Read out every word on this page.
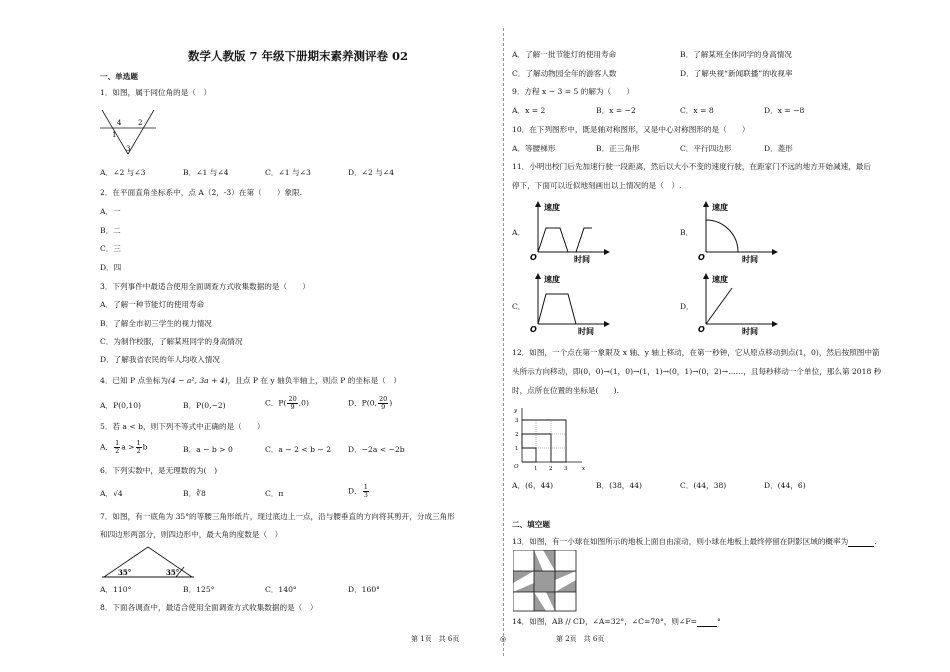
数学人教版 7 年级下册期末素养测评卷 02
一、单选题
1．如图，属于同位角的是（　）
4 2
1
3
A．∠2 与∠3	B．∠1 与∠4	C．∠1 与∠3	D．∠2 与∠4
2．在平面直角坐标系中，点 A（2，-3）在第（　　）象限.
A．一
B．二
C．三
D．四
3．下列事件中最适合使用全面调查方式收集数据的是（　　）
A．了解一种节能灯的使用寿命
B．了解全市初三学生的视力情况
C．为制作校服，了解某班同学的身高情况
D．了解我省农民的年人均收入情况
4．已知 P 点坐标为(4 − a², 3a + 4)，且点 P 在 y 轴负半轴上，则点 P 的坐标是（　）
A．P(0,10)	B．P(0,−2)	C．$P( \frac{20}{9} ,0)$	D．P(0, $\frac{20}{9}$ )
5．若 a < b，则下列不等式中正确的是（　　）
A． $\frac{1}{2}$ $a > \frac{1}{2}$ b	B．a − b > 0	C．a − 2 < b − 2 D．−2a < −2b
6．下列实数中，是无理数的为(　)
A．√4	B．∛8	C．π	D． $\frac{1}{3}$
7．如图，有一底角为 35°的等腰三角形纸片，现过底边上一点，沿与腰垂直的方向将其剪开，分成三角形
和四边形两部分，则四边形中，最大角的度数是（　）
35°	35°
A．110°	B．125°	C．140°	D．160°
8．下面各调查中，最适合使用全面调查方式收集数据的是（　）
A．了解一批节能灯的使用寿命	B．了解某班全体同学的身高情况
C．了解动物园全年的游客人数	D．了解央视“新闻联播”的收视率
9．方程 x − 3 = 5 的解为（　　）
A．x = 2	B．x = −2	C．x = 8	D．x = −8
10．在下列图形中，既是轴对称图形，又是中心对称图形的是（　　）
A．等腰梯形	B．正三角形	C．平行四边形	D．菱形
11．小明出校门后先加速行驶一段距离，然后以大小不变的速度行驶，在距家门不远的地方开始减速，最后
停下，下面可以近似地刻画出以上情况的是（　）.
A．
速度
时间
O
B．
速度
时间
O
C．
速度
时间
O
D．
速度
时间
O
12．如图，一个点在第一象限及 x 轴、y 轴上移动，在第一秒钟，它从原点移动到点(1，0)，然后按照图中箭
头所示方向移动，即(0，0)→(1，0)→(1，1)→(0，1)→(0，2)→……，且每秒移动一个单位，那么第 2018 秒
时，点所在位置的坐标是(　　).
y
x
O
3
2
1
1 2 3
A．(6，44)	B．(38，44)	C．(44，38)	D．(44，6)
二、填空题
13．如图，有一小球在如图所示的地板上面自由滚动，则小球在地板上最终停留在阴影区域的概率为	.
14．如图，AB // CD，∠A=32°，∠C=70°，则∠F=	°
第 1页　共 6页	◎	第 2页　共 6页
